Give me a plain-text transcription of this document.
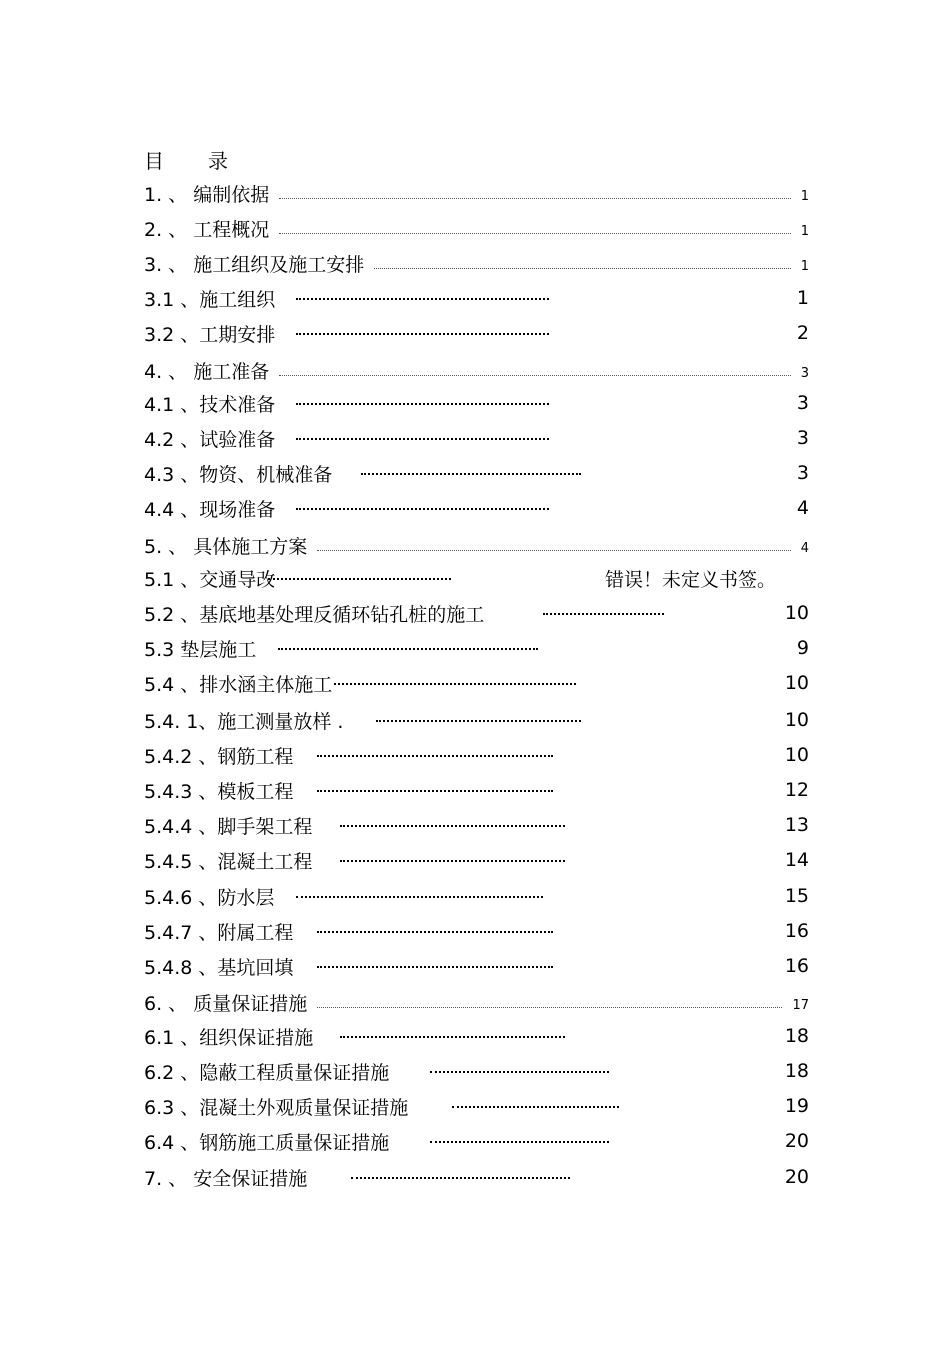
目 录
1. 、 编制依据	1
2. 、 工程概况	1
3. 、 施工组织及施工安排	1
3.1 、施工组织	1
3.2 、工期安排	2
4. 、 施工准备	3
4.1 、技术准备	3
4.2 、试验准备	3
4.3 、物资、机械准备	3
4.4 、现场准备	4
5. 、 具体施工方案	4
5.1 、交通导改	错误！未定义书签。
5.2 、基底地基处理反循环钻孔桩的施工	10
5.3 垫层施工	9
5.4 、排水涵主体施工	10
5.4. 1、施工测量放样 .	10
5.4.2 、钢筋工程	10
5.4.3 、模板工程	12
5.4.4 、脚手架工程	13
5.4.5 、混凝土工程	14
5.4.6 、防水层	15
5.4.7 、附属工程	16
5.4.8 、基坑回填	16
6. 、 质量保证措施	17
6.1 、组织保证措施	18
6.2 、隐蔽工程质量保证措施	18
6.3 、混凝土外观质量保证措施	19
6.4 、钢筋施工质量保证措施	20
7. 、 安全保证措施	20
